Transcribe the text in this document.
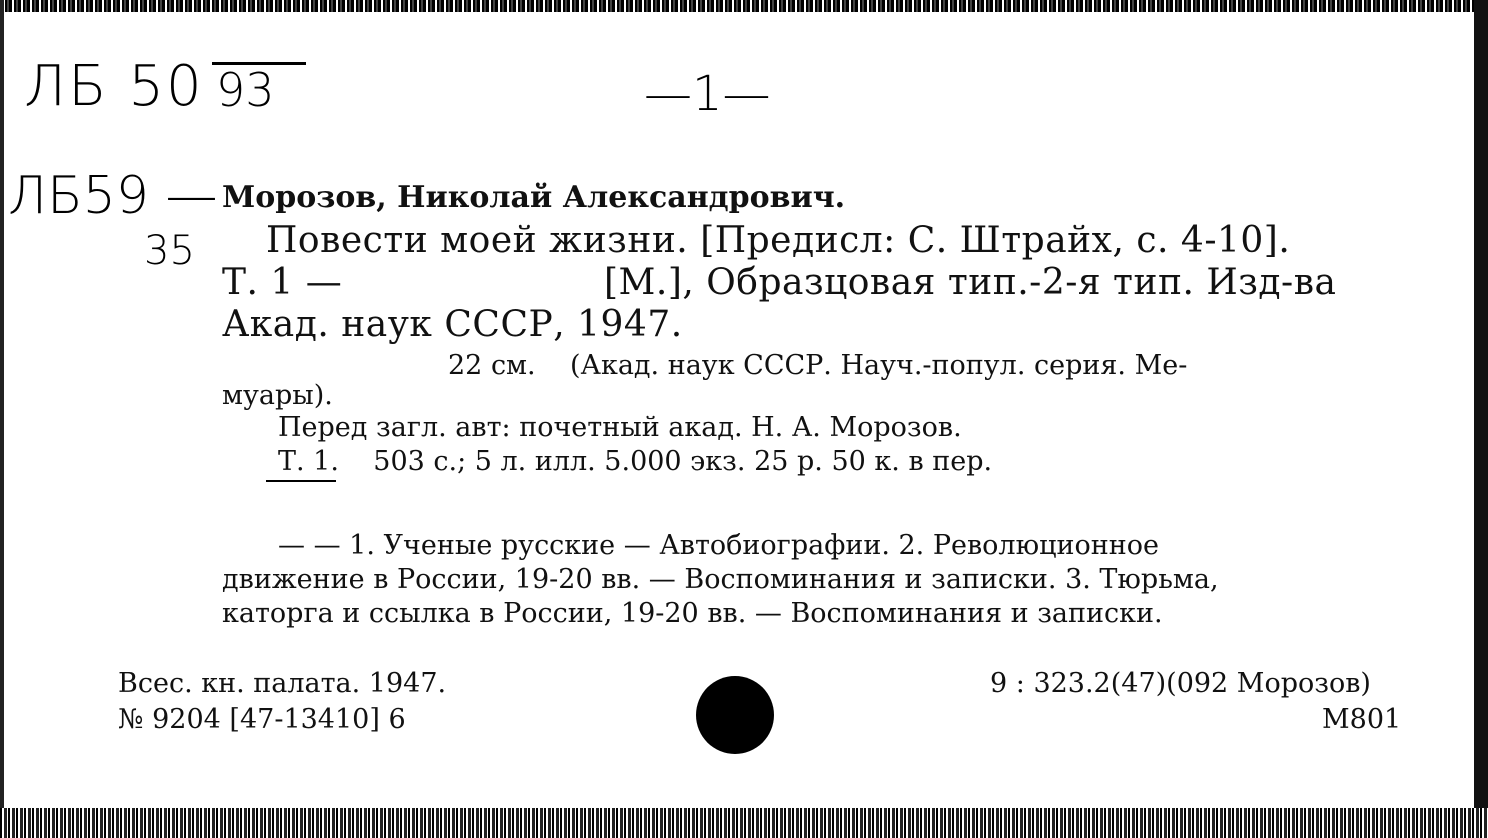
ЛБ 50 93	—1—
ЛБ59 —
35
Морозов, Николай Александрович.
Повести моей жизни. [Предисл: С. Штрайх, с. 4-10].
Т. 1 —	[М.], Образцовая тип.-2-я тип. Изд-ва
Акад. наук СССР, 1947.
22 см.    (Акад. наук СССР. Науч.-попул. серия. Ме-
муары).
Перед загл. авт: почетный акад. Н. А. Морозов.
Т. 1.    503 с.; 5 л. илл. 5.000 экз. 25 р. 50 к. в пер.
— — 1. Ученые русские — Автобиографии. 2. Революционное
движение в России, 19-20 вв. — Воспоминания и записки. 3. Тюрьма,
каторга и ссылка в России, 19-20 вв. — Воспоминания и записки.
Всес. кн. палата. 1947.
№ 9204 [47-13410] 6
9 : 323.2(47)(092 Морозов)
М801
